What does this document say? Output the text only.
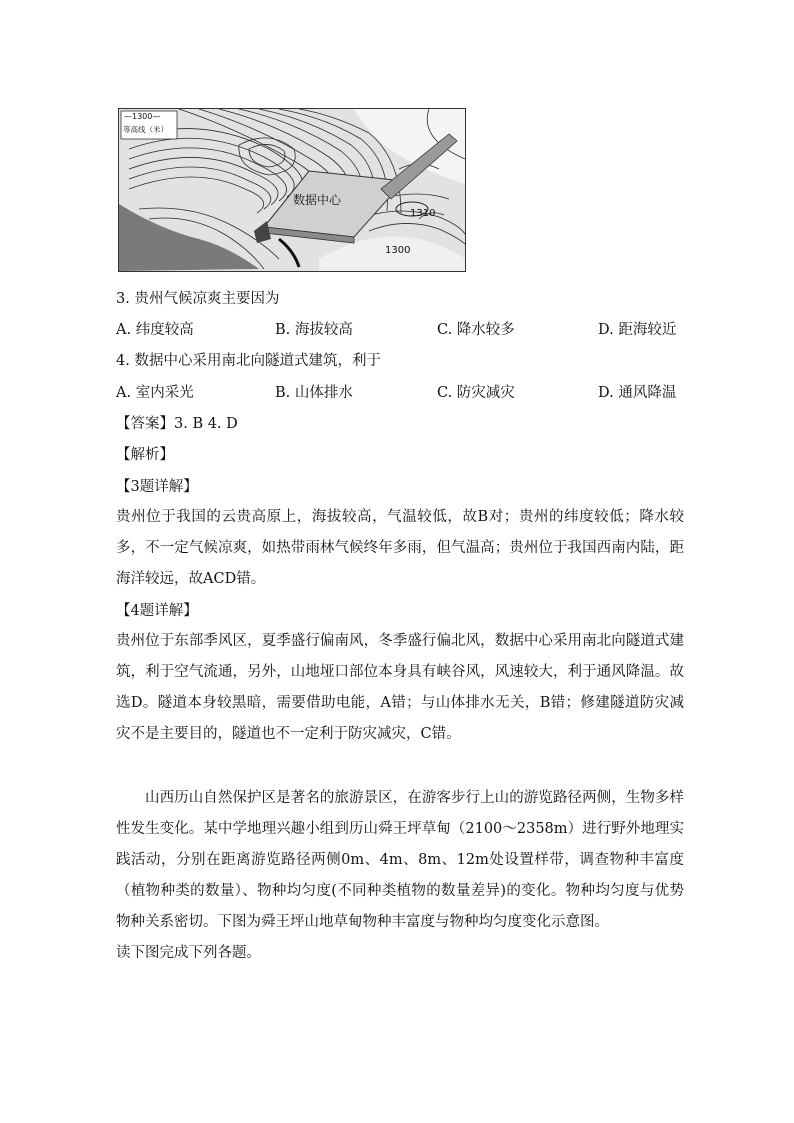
—1300—
等高线（米）
数据中心
1310
1300
3. 贵州气候凉爽主要因为
A. 纬度较高	B. 海拔较高	C. 降水较多	D. 距海较近
4. 数据中心采用南北向隧道式建筑，利于
A. 室内采光	B. 山体排水	C. 防灾减灾	D. 通风降温
【答案】3. B 4. D
【解析】
【3题详解】

贵州位于我国的云贵高原上，海拔较高，气温较低，故B对；贵州的纬度较低；降水较多，不一定气候凉爽，如热带雨林气候终年多雨，但气温高；贵州位于我国西南内陆，距海洋较远，故ACD错。

【4题详解】

贵州位于东部季风区，夏季盛行偏南风，冬季盛行偏北风，数据中心采用南北向隧道式建筑，利于空气流通，另外，山地垭口部位本身具有峡谷风，风速较大，利于通风降温。故选D。隧道本身较黑暗，需要借助电能，A错；与山体排水无关，B错；修建隧道防灾减灾不是主要目的，隧道也不一定利于防灾减灾，C错。

山西历山自然保护区是著名的旅游景区，在游客步行上山的游览路径两侧，生物多样性发生变化。某中学地理兴趣小组到历山舜王坪草甸（2100～2358m）进行野外地理实践活动，分别在距离游览路径两侧0m、4m、8m、12m处设置样带，调查物种丰富度（植物种类的数量）、物种均匀度(不同种类植物的数量差异)的变化。物种均匀度与优势物种关系密切。下图为舜王坪山地草甸物种丰富度与物种均匀度变化示意图。

读下图完成下列各题。
